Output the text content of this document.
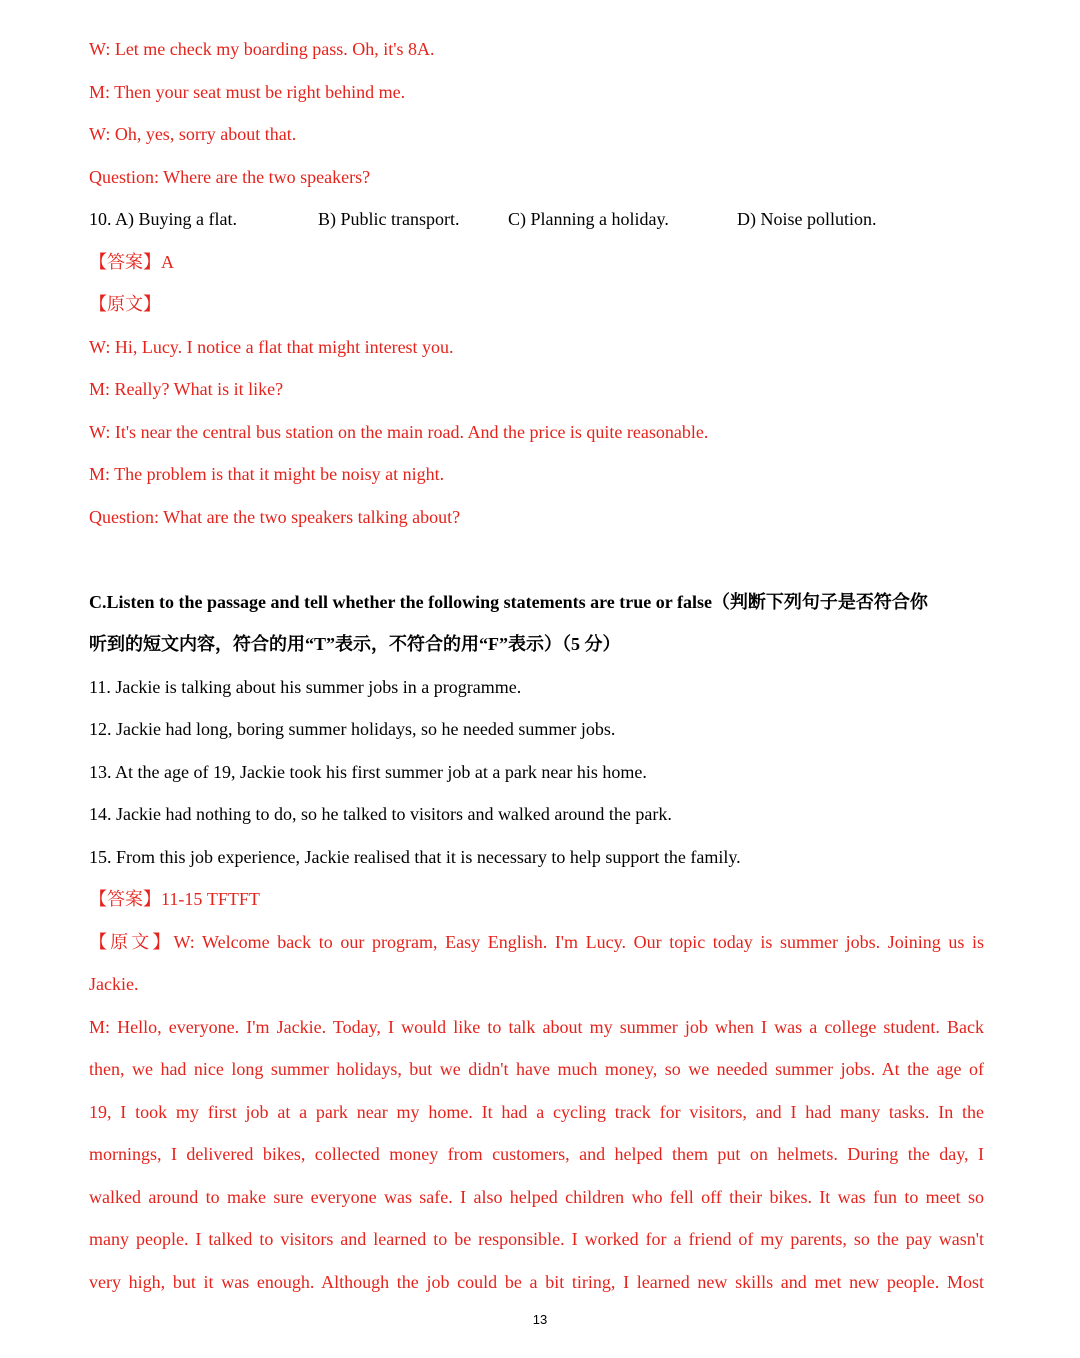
W: Let me check my boarding pass. Oh, it's 8A.
M: Then your seat must be right behind me.
W: Oh, yes, sorry about that.
Question: Where are the two speakers?
10. A) Buying a flat.	B) Public transport.	C) Planning a holiday.	D) Noise pollution.
【答案】A
【原文】
W: Hi, Lucy. I notice a flat that might interest you.
M: Really? What is it like?
W: It's near the central bus station on the main road. And the price is quite reasonable.
M: The problem is that it might be noisy at night.
Question: What are the two speakers talking about?
C.Listen to the passage and tell whether the following statements are true or false（判断下列句子是否符合你
听到的短文内容，符合的用“T”表示，不符合的用“F”表示）（5 分）
11. Jackie is talking about his summer jobs in a programme.
12. Jackie had long, boring summer holidays, so he needed summer jobs.
13. At the age of 19, Jackie took his first summer job at a park near his home.
14. Jackie had nothing to do, so he talked to visitors and walked around the park.
15. From this job experience, Jackie realised that it is necessary to help support the family.
【答案】11-15 TFTFT
【原文】W: Welcome back to our program, Easy English. I'm Lucy. Our topic today is summer jobs. Joining us is
Jackie.
M: Hello, everyone. I'm Jackie. Today, I would like to talk about my summer job when I was a college student. Back
then, we had nice long summer holidays, but we didn't have much money, so we needed summer jobs. At the age of
19, I took my first job at a park near my home. It had a cycling track for visitors, and I had many tasks. In the
mornings, I delivered bikes, collected money from customers, and helped them put on helmets. During the day, I
walked around to make sure everyone was safe. I also helped children who fell off their bikes. It was fun to meet so
many people. I talked to visitors and learned to be responsible. I worked for a friend of my parents, so the pay wasn't
very high, but it was enough. Although the job could be a bit tiring, I learned new skills and met new people. Most
13
